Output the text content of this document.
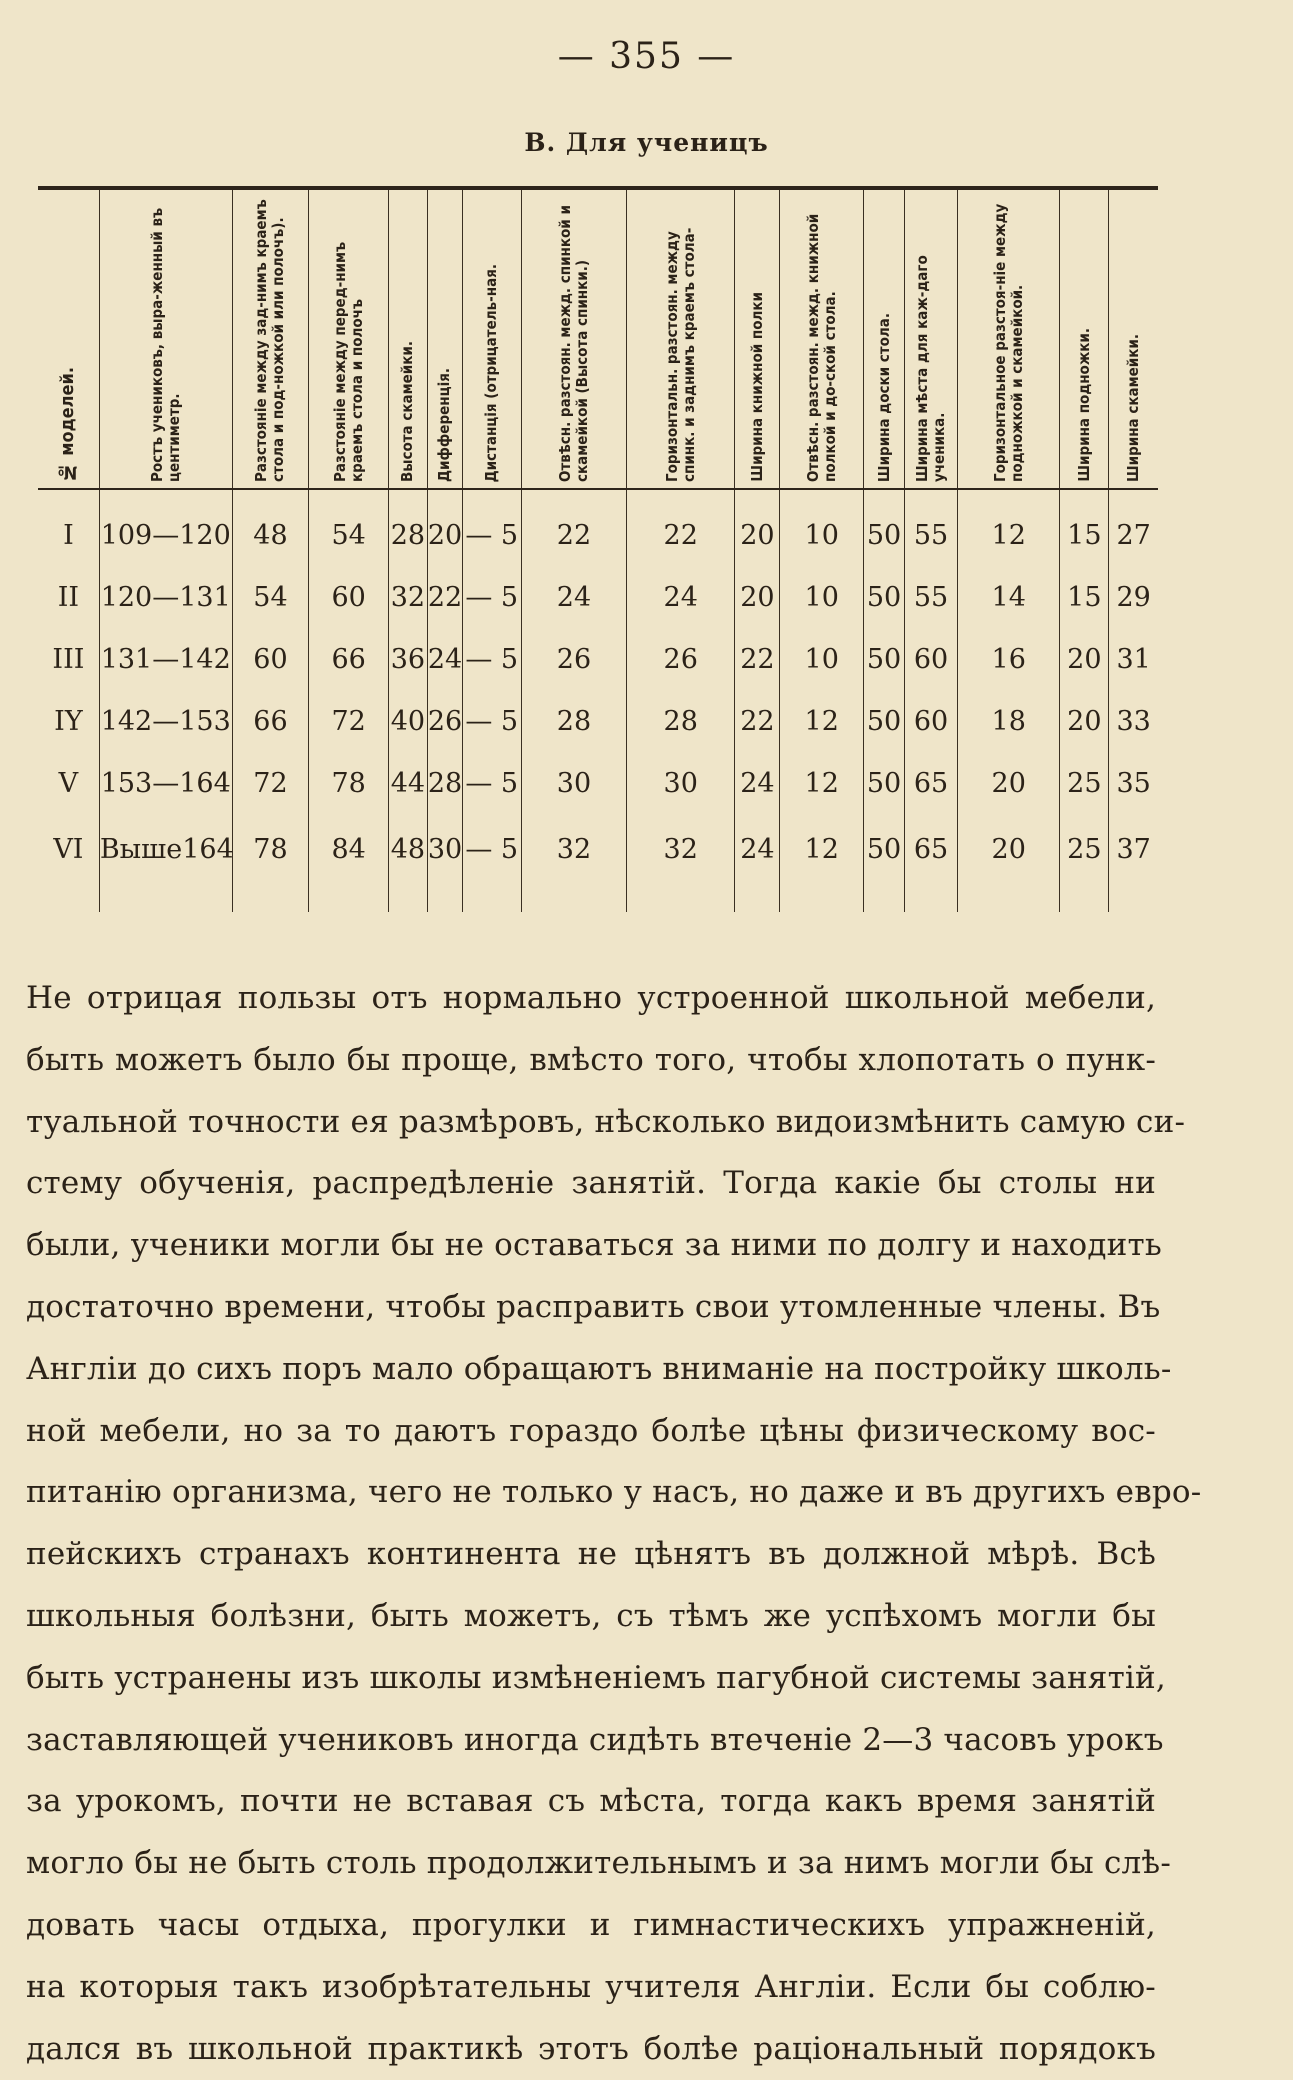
— 355 —
B. Для ученицъ
№ моделей.	Ростъ учениковъ, выра-женный въ центиметр.	Разстояніе между зад-нимъ краемъ стола и под-ножкой или полочъ).	Разстояніе между перед-нимъ краемъ стола и полочъ	Высота скамейки.	Дифференція.	Дистанція (отрицатель-ная.	Отвѣсн. разстоян. межд. спинкой и скамейкой (Высота спинки.)	Горизонтальн. разстоян. между спинк. и заднимъ краемъ стола-	Ширина книжной полки	Отвѣсн. разстоян. межд. книжной полкой и до-ской стола.	Ширина доски стола.	Ширина мѣста для каж-даго ученика.	Горизонтальное разстоя-ніе между подножкой и скамейкой.	Ширина подножки.	Ширина скамейки.

I	109—120	48	54	28	20	— 5	22	22	20	10	50	55	12	15	27
II	120—131	54	60	32	22	— 5	24	24	20	10	50	55	14	15	29
III	131—142	60	66	36	24	— 5	26	26	22	10	50	60	16	20	31
IY	142—153	66	72	40	26	— 5	28	28	22	12	50	60	18	20	33
V	153—164	72	78	44	28	— 5	30	30	24	12	50	65	20	25	35
VI	Выше164	78	84	48	30	— 5	32	32	24	12	50	65	20	25	37
Не отрицая пользы отъ нормально устроенной школьной мебели,
быть можетъ было бы проще, вмѣсто того, чтобы хлопотать о пунк-
туальной точности ея размѣровъ, нѣсколько видоизмѣнить самую си-
стему обученія, распредѣленіе занятій. Тогда какіе бы столы ни
были, ученики могли бы не оставаться за ними по долгу и находить
достаточно времени, чтобы расправить свои утомленные члены. Въ
Англіи до сихъ поръ мало обращаютъ вниманіе на постройку школь-
ной мебели, но за то даютъ гораздо болѣе цѣны физическому вос-
питанію организма, чего не только у насъ, но даже и въ другихъ евро-
пейскихъ странахъ континента не цѣнятъ въ должной мѣрѣ. Всѣ
школьныя болѣзни, быть можетъ, съ тѣмъ же успѣхомъ могли бы
быть устранены изъ школы измѣненіемъ пагубной системы занятій,
заставляющей учениковъ иногда сидѣть втеченіе 2—3 часовъ урокъ
за урокомъ, почти не вставая съ мѣста, тогда какъ время занятій
могло бы не быть столь продолжительнымъ и за нимъ могли бы слѣ-
довать часы отдыха, прогулки и гимнастическихъ упражненій,
на которыя такъ изобрѣтательны учителя Англіи. Если бы соблю-
дался въ школьной практикѣ этотъ болѣе раціональный порядокъ
